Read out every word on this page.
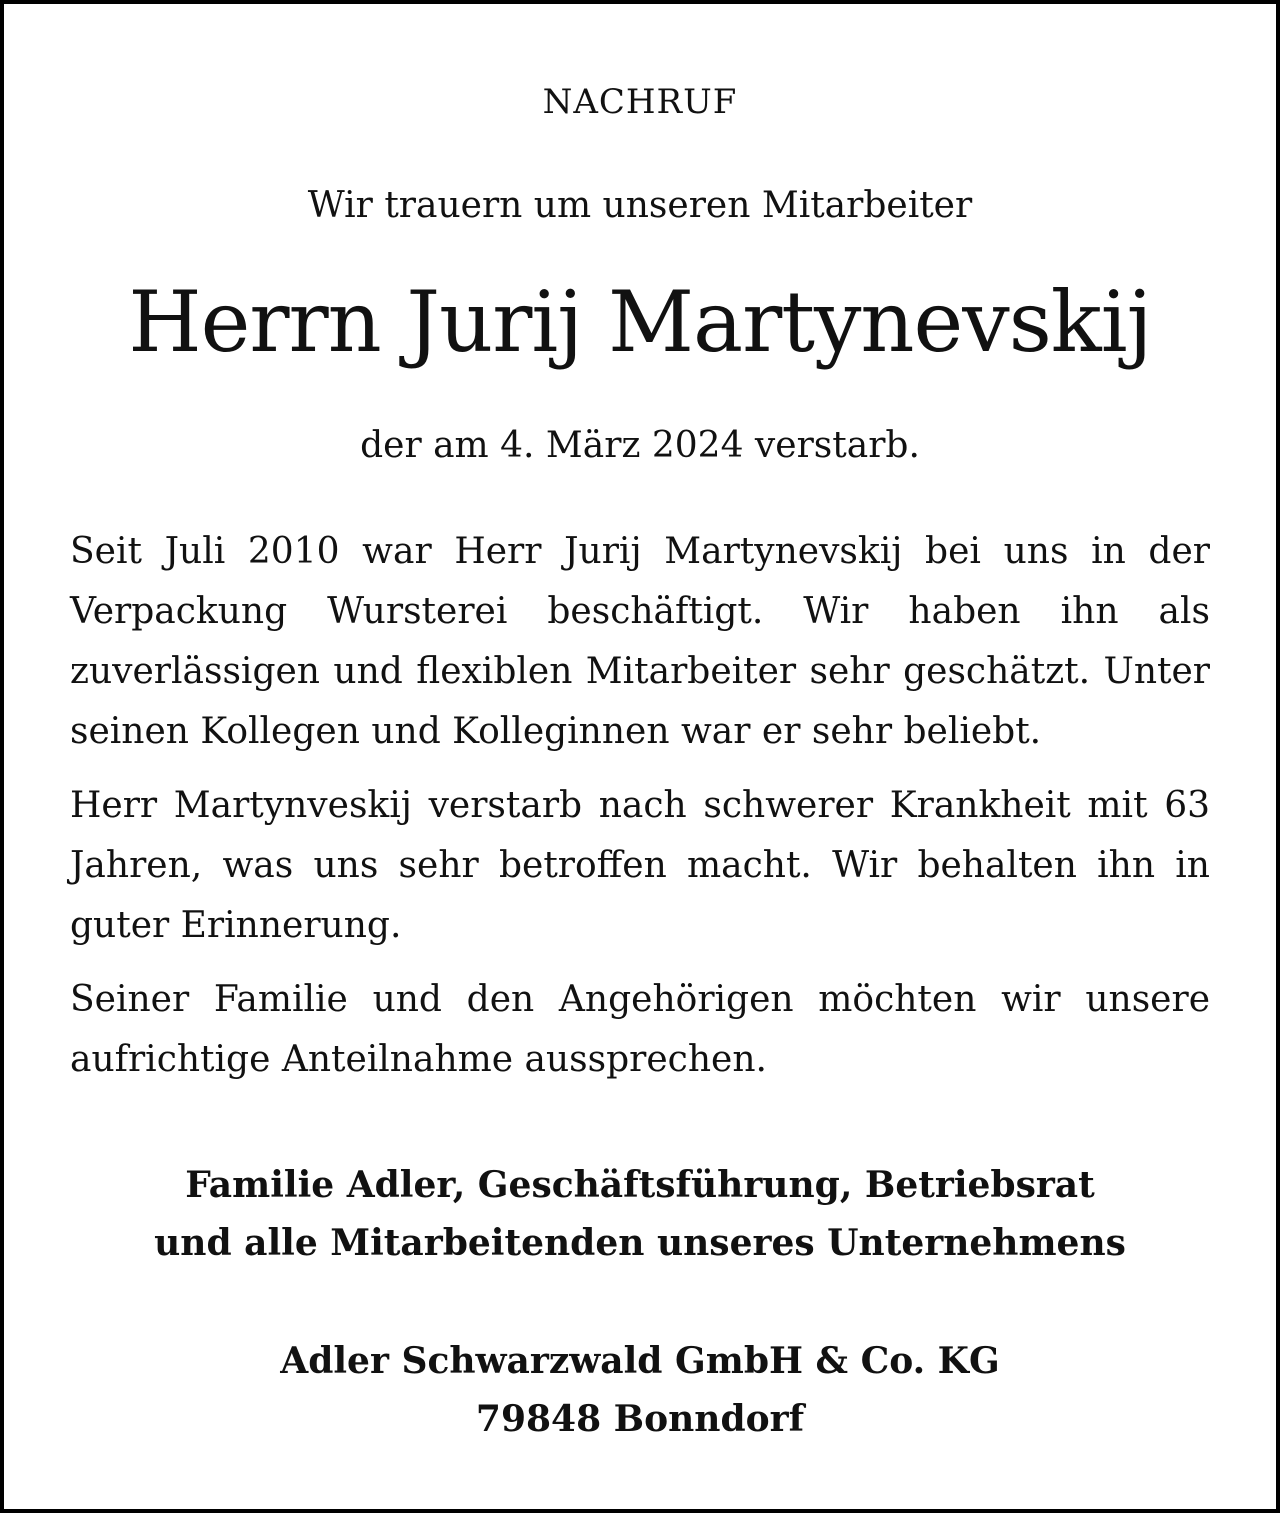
NACHRUF
Wir trauern um unseren Mitarbeiter
Herrn Jurij Martynevskij
der am 4. März 2024 verstarb.

Seit Juli 2010 war Herr Jurij Martynevskij bei uns in der Verpackung Wursterei beschäftigt. Wir haben ihn als zuverlässigen und flexiblen Mitarbeiter sehr geschätzt. Unter seinen Kollegen und Kolleginnen war er sehr beliebt.

Herr Martynveskij verstarb nach schwerer Krankheit mit 63 Jahren, was uns sehr betroffen macht. Wir behalten ihn in guter Erinnerung.

Seiner Familie und den Angehörigen möchten wir unsere aufrichtige Anteilnahme aussprechen.

Familie Adler, Geschäftsführung, Betriebsrat
und alle Mitarbeitenden unseres Unternehmens
Adler Schwarzwald GmbH & Co. KG
79848 Bonndorf
